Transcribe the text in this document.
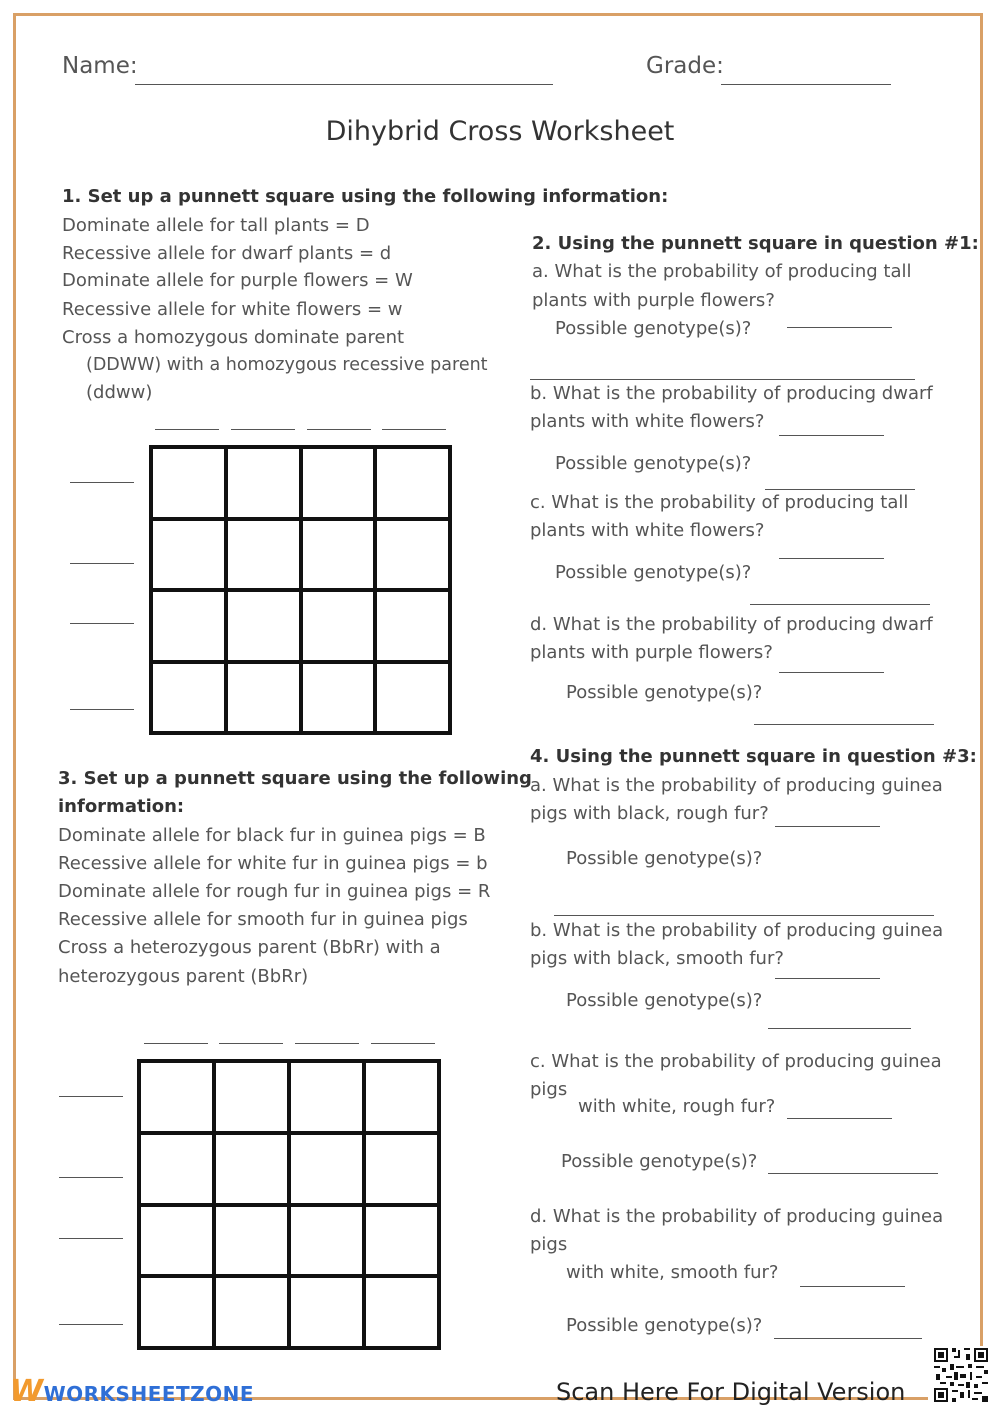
Name:	Grade:
Dihybrid Cross Worksheet
1. Set up a punnett square using the following information:
Dominate allele for tall plants = D
Recessive allele for dwarf plants = d
Dominate allele for purple flowers = W
Recessive allele for white flowers = w
Cross a homozygous dominate parent
(DDWW) with a homozygous recessive parent
(ddww)
2. Using the punnett square in question #1:
a. What is the probability of producing tall
plants with purple flowers?
Possible genotype(s)?
b. What is the probability of producing dwarf
plants with white flowers?
Possible genotype(s)?
c. What is the probability of producing tall
plants with white flowers?
Possible genotype(s)?
d. What is the probability of producing dwarf
plants with purple flowers?
Possible genotype(s)?
3. Set up a punnett square using the following
information:
Dominate allele for black fur in guinea pigs = B
Recessive allele for white fur in guinea pigs = b
Dominate allele for rough fur in guinea pigs = R
Recessive allele for smooth fur in guinea pigs
Cross a heterozygous parent (BbRr) with a
heterozygous parent (BbRr)
4. Using the punnett square in question #3:
a. What is the probability of producing guinea
pigs with black, rough fur?
Possible genotype(s)?
b. What is the probability of producing guinea
pigs with black, smooth fur?
Possible genotype(s)?
c. What is the probability of producing guinea
pigs
with white, rough fur?
Possible genotype(s)?
d. What is the probability of producing guinea
pigs
with white, smooth fur?
Possible genotype(s)?
WWORKSHEETZONE	Scan Here For Digital Version
